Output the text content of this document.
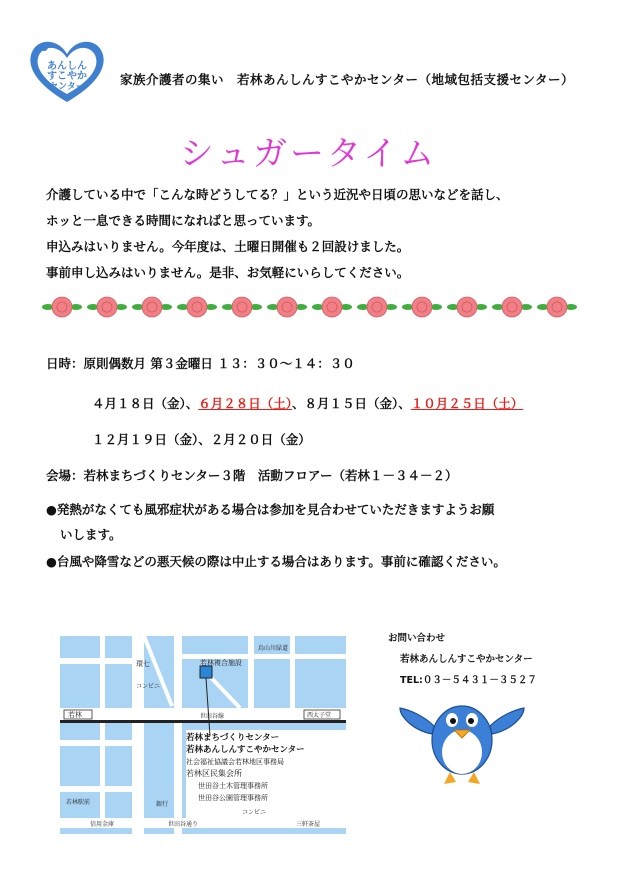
あんしん
すこやか
センター	家族介護者の集い　若林あんしんすこやかセンター（地域包括支援センター）
シュガータイム
介護している中で「こんな時どうしてる？」という近況や日頃の思いなどを話し、
ホッと一息できる時間になればと思っています。
申込みはいりません。今年度は、土曜日開催も２回設けました。
事前申し込みはいりません。是非、お気軽にいらしてください。
日時：原則偶数月 第３金曜日 １３：３０～１４：３０
４月１８日（金）、６月２８日（土）、８月１５日（金）、１０月２５日（土）
１２月１９日（金）、２月２０日（金）
会場：若林まちづくりセンター３階　活動フロアー（若林１－３４－２）
●発熱がなくても風邪症状がある場合は参加を見合わせていただきますようお願
いします。
●台風や降雪などの悪天候の際は中止する場合はあります。事前に確認ください。
若林複合施設
烏山川緑道
環七
コンビニ
若林	世田谷線	西太子堂
若林駅前
信用金庫
銀行
世田谷通り	三軒茶屋
コンビニ
若林まちづくりセンター
若林あんしんすこやかセンター
社会福祉協議会若林地区事務局
若林区民集会所
世田谷土木管理事務所
世田谷公園管理事務所
お問い合わせ
若林あんしんすこやかセンター
TEL:０３－５４３１－３５２７
